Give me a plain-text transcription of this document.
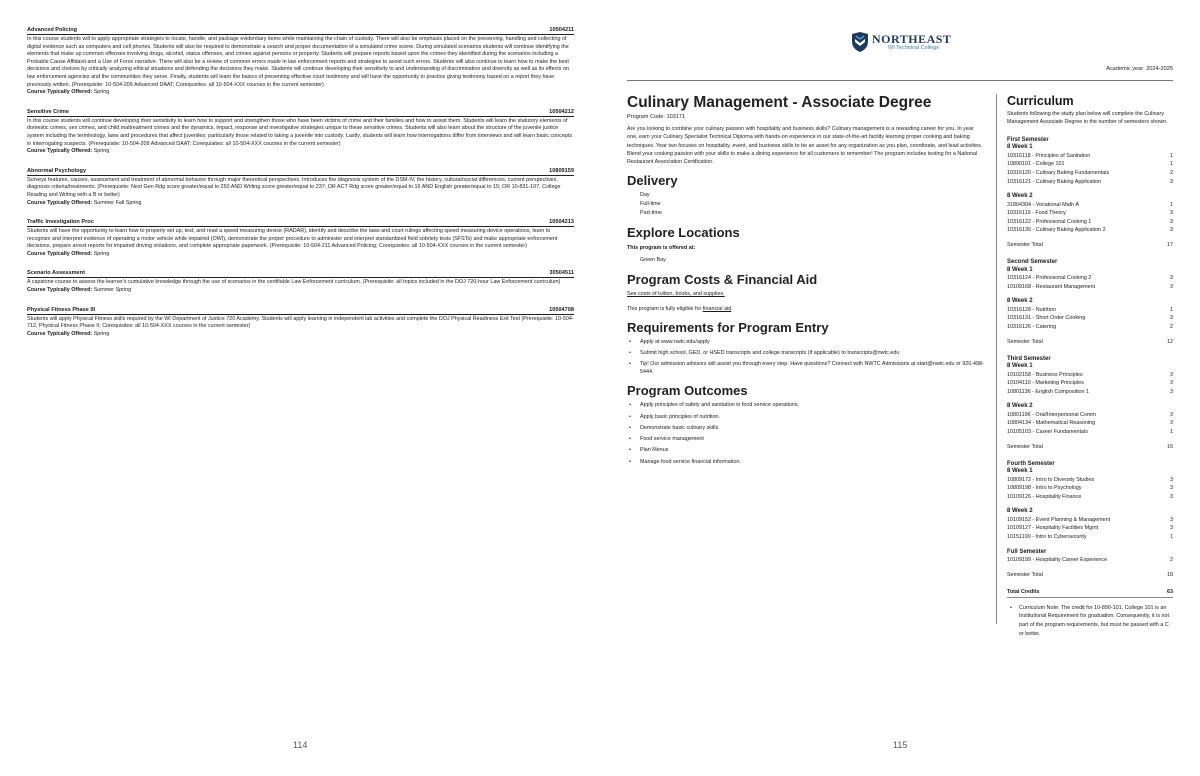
Advanced Policing	10504211
In this course students will to apply appropriate strategies to locate, handle, and package evidentiary items while maintaining the chain of custody. There will also be emphasis placed on the preserving, handling and collecting of digital evidence such as computers and cell phones. Students will also be required to demonstrate a search and proper documentation of a simulated crime scene. During simulated scenarios students will continue identifying the elements that make up common offenses involving drugs, alcohol, status offenses, and crimes against persons or property. Students will prepare reports based upon the crimes they identified during the scenarios including a Probable Cause Affidavit and a Use of Force narrative. There will also be a review of common errors made in law enforcement reports and strategies to avoid such errors. Students will also continue to learn how to make the best decisions and choices by critically analyzing ethical situations and defending the decisions they make. Students will continue developing their sensitivity to and understanding of discrimination and diversity as well as its effects on law enforcement agencies and the communities they serve. Finally, students will learn the basics of presenting effective court testimony and will have the opportunity to practice giving testimony based on a report they have previously written. (Prerequisite: 10-504-209 Advanced DAAT; Corequisites: all 10-504-XXX courses in the current semester)
Course Typically Offered: Spring
Sensitive Crime	10504212
In this course students will continue developing their sensitivity to learn how to support and strengthen those who have been victims of crime and their families and how to assist them. Students will learn the statutory elements of domestic crimes, sex crimes, and child maltreatment crimes and the dynamics, impact, response and investigative strategies unique to these sensitive crimes. Students will also learn about the structure of the juvenile justice system including the terminology, laws and procedures that affect juveniles; particularly those related to taking a juvenile into custody. Lastly, students will learn how interrogations differ from interviews and will learn basic concepts in interrogating suspects. (Prerequisite: 10-504-209 Advanced DAAT; Corequisites: all 10-504-XXX courses in the current semester)
Course Typically Offered: Spring
Abnormal Psychology	10809159
Surveys features, causes, assessment and treatment of abnormal behavior through major theoretical perspectives. Introduces the diagnosis system of the DSM-IV, the history, cultural/social differences, current perspectives, diagnosis criteria/treatments. (Prerequisite: Next Gen Rdg score greater/equal to 250 AND Writing score greater/equal to 237; OR ACT Rdg score greater/equal to 16 AND English greater/equal to 15; OR 10-831-107, College Reading and Writing with a B or better)
Course Typically Offered: Summer Fall Spring
Traffic Investigation Proc	10504213
Students will have the opportunity to learn how to properly set up, test, and read a speed measuring device (RADAR), identify and describe the laws and court rulings affecting speed measuring device operations, learn to recognize and interpret evidence of operating a motor vehicle while impaired (OWI), demonstrate the proper procedure to administer and interpret standardized field sobriety tests (SFSTs) and make appropriate enforcement decisions, prepare arrest reports for impaired driving violations, and complete appropriate paperwork. (Prerequisite: 10-504-211 Advanced Policing; Corequisites: all 10-504-XXX courses in the current semester)
Course Typically Offered: Spring
Scenario Assessment	30504511
A capstone course to assess the learner's cumulative knowledge through the use of scenarios in the certifiable Law Enforcement curriculum. (Prerequisite: all topics included in the DOJ 720-hour Law Enforcement curriculum)
Course Typically Offered: Summer Spring
Physical Fitness Phase III	10504708
Students will apply Physical Fitness skills required by the WI Department of Justice 720 Academy. Students will apply learning in independent lab activities and complete the DOJ Physical Readiness Exit Test (Prerequisite: 10-504-712, Physical Fitness Phase II; Corequisites: all 10-504-XXX courses in the current semester)
Course Typically Offered: Spring
114
NORTHEAST
WI Technical College
Academic year: 2024-2025
Culinary Management - Associate Degree
Program Code: 103171
Are you looking to combine your culinary passion with hospitality and business skills? Culinary management is a rewarding career for you. In year one, earn your Culinary Specialist Technical Diploma with hands-on experience in our state-of-the-art facility learning proper cooking and baking techniques. Year two focuses on hospitality, event, and business skills to be an asset for any organization as you plan, coordinate, and lead activities. Blend your cooking passion with your skills to make a dining experience for all customers to remember! The program includes testing for a National Restaurant Association Certification.
Delivery
Day
Full-time
Part-time
Explore Locations
This program is offered at:
Green Bay
Program Costs & Financial Aid
See costs of tuition, books, and supplies.
This program is fully eligible for financial aid.
Requirements for Program Entry
• Apply at www.nwtc.edu/apply
• Submit high school, GED, or HSED transcripts and college transcripts (if applicable) to transcripts@nwtc.edu
• Tip! Our admission advisors will assist you through every step. Have questions? Connect with NWTC Admissions at start@nwtc.edu or 920-498-5444.
Program Outcomes
• Apply principles of safety and sanitation in food service operations.
• Apply basic principles of nutrition.
• Demonstrate basic culinary skills.
• Food service management
• Plan Menus
• Manage food service financial information.
Curriculum
Students following the study plan below will complete the Culinary Management Associate Degree in the number of semesters shown.
First Semester
8 Week 1
10316118 - Principles of Sanitation	1
10890101 - College 101	1
10316120 - Culinary Baking Fundamentals	2
10316121 - Culinary Baking Application	3
8 Week 2
31804304 - Vocational Math A	1
10316119 - Food Theory	3
10316122 - Professional Cooking 1	3
10316130 - Culinary Baking Application 2	3
Semester Total	17
Second Semester
8 Week 1
10316124 - Professional Cooking 2	3
10109168 - Restaurant Management	3
8 Week 2
10316128 - Nutrition	1
10316131 - Short Order Cooking	3
10316126 - Catering	2
Semester Total	12
Third Semester
8 Week 1
10102158 - Business Principles	3
10104110 - Marketing Principles	3
10801136 - English Composition 1	3
8 Week 2
10801196 - Oral/Interpersonal Comm	3
10804134 - Mathematical Reasoning	3
10105103 - Career Fundamentals	1
Semester Total	16
Fourth Semester
8 Week 1
10809172 - Intro to Diversity Studies	3
10809198 - Intro to Psychology	3
10109126 - Hospitality Finance	3
8 Week 2
10109152 - Event Planning & Management	3
10109127 - Hospitality Facilities Mgmt	3
10151100 - Intro to Cybersecurity	1
Full Semester
10109199 - Hospitality Career Experience	2
Semester Total	18
Total Credits	63
• Curriculum Note: The credit for 10-890-101, College 101 is an Institutional Requirement for graduation. Consequently, it is not part of the program requirements, but must be passed with a C or better.
115
